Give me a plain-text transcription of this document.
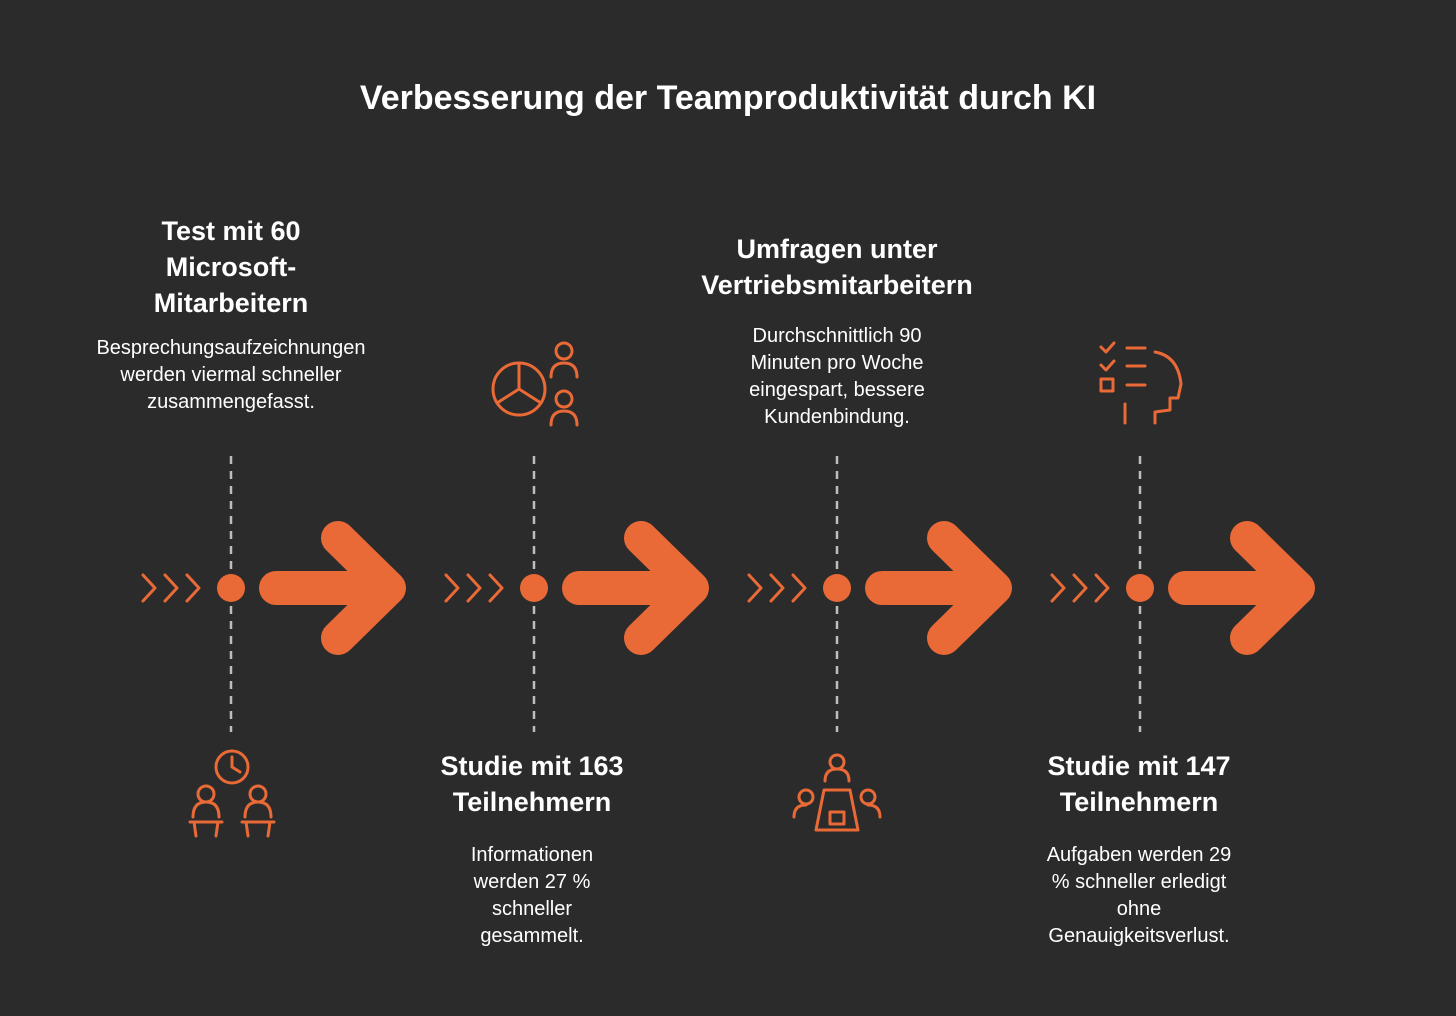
Verbesserung der Teamproduktivität durch KI

Test mit 60
Microsoft-
Mitarbeitern

Besprechungsaufzeichnungen
werden viermal schneller
zusammengefasst.

Studie mit 163
Teilnehmern

Informationen
werden 27 %
schneller
gesammelt.

Umfragen unter
Vertriebsmitarbeitern

Durchschnittlich 90
Minuten pro Woche
eingespart, bessere
Kundenbindung.

Studie mit 147
Teilnehmern

Aufgaben werden 29
% schneller erledigt
ohne
Genauigkeitsverlust.
